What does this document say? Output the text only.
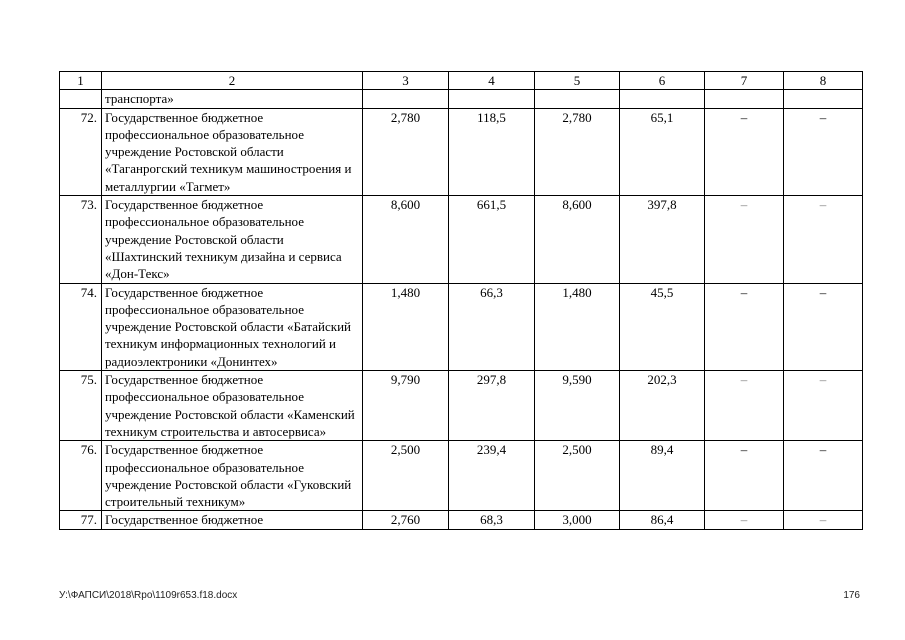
1	2	3	4	5	6	7	8
	транспорта»						
72.	Государственное бюджетное профессиональное образовательное учреждение Ростовской области «Таганрогский техникум машиностроения и металлургии «Тагмет»	2,780	118,5	2,780	65,1	–	–
73.	Государственное бюджетное профессиональное образовательное учреждение Ростовской области «Шахтинский техникум дизайна и сервиса «Дон-Текс»	8,600	661,5	8,600	397,8	–	–
74.	Государственное бюджетное профессиональное образовательное учреждение Ростовской области «Батайский техникум информационных технологий и радиоэлектроники «Донинтех»	1,480	66,3	1,480	45,5	–	–
75.	Государственное бюджетное профессиональное образовательное учреждение Ростовской области «Каменский техникум строительства и автосервиса»	9,790	297,8	9,590	202,3	–	–
76.	Государственное бюджетное профессиональное образовательное учреждение Ростовской области «Гуковский строительный техникум»	2,500	239,4	2,500	89,4	–	–
77.	Государственное бюджетное	2,760	68,3	3,000	86,4	–	–
У:\ФАПСИ\2018\Rpo\1109r653.f18.docx	176
